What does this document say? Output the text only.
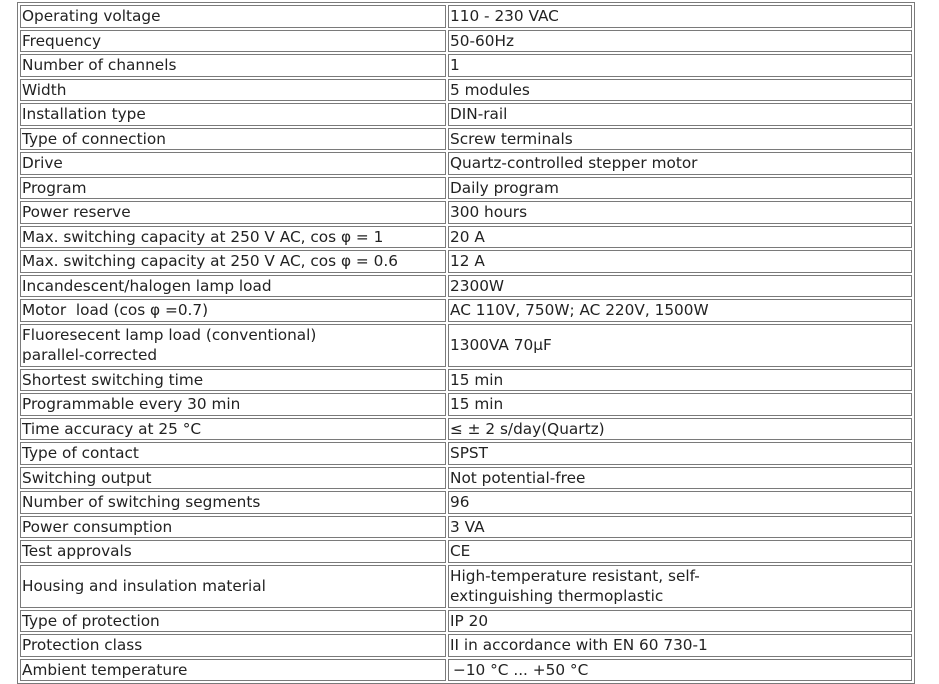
Operating voltage	110 - 230 VAC
Frequency	50-60Hz
Number of channels	1
Width	5 modules
Installation type	DIN-rail
Type of connection	Screw terminals
Drive	Quartz-controlled stepper motor
Program	Daily program
Power reserve	300 hours
Max. switching capacity at 250 V AC, cos φ = 1	20 A
Max. switching capacity at 250 V AC, cos φ = 0.6	12 A
Incandescent/halogen lamp load	2300W
Motor  load (cos φ =0.7)	AC 110V, 750W; AC 220V, 1500W
Fluoresecent lamp load (conventional) parallel-corrected	1300VA 70μF
Shortest switching time	15 min
Programmable every 30 min	15 min
Time accuracy at 25 °C	≤ ± 2 s/day(Quartz)
Type of contact	SPST
Switching output	Not potential-free
Number of switching segments	96
Power consumption	3 VA
Test approvals	CE
Housing and insulation material	High-temperature resistant, self-extinguishing thermoplastic
Type of protection	IP 20
Protection class	II in accordance with EN 60 730-1
Ambient temperature	−10 °C ... +50 °C
